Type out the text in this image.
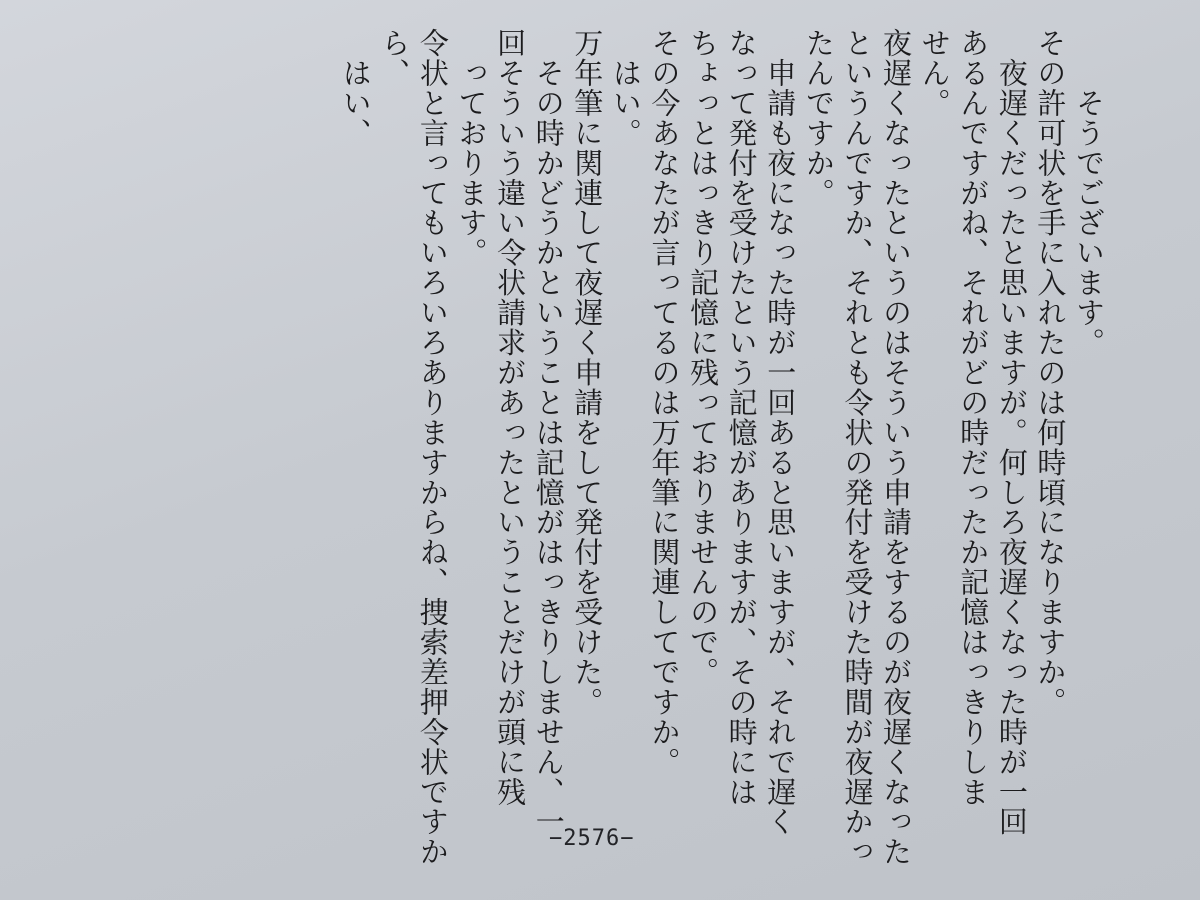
　　そうでございます。
その許可状を手に入れたのは何時頃になりますか。
　夜遅くだったと思いますが。何しろ夜遅くなった時が一回
あるんですがね、それがどの時だったか記憶はっきりしま
せん。
夜遅くなったというのはそういう申請をするのが夜遅くなった
というんですか、それとも令状の発付を受けた時間が夜遅かっ
たんですか。
　申請も夜になった時が一回あると思いますが、それで遅く
なって発付を受けたという記憶がありますが、その時には
ちょっとはっきり記憶に残っておりませんので。
その今あなたが言ってるのは万年筆に関連してですか。
　はい。
万年筆に関連して夜遅く申請をして発付を受けた。
　その時かどうかということは記憶がはっきりしません、一
回そういう違い令状請求があったということだけが頭に残
　っております。
令状と言ってもいろいろありますからね、捜索差押令状ですか
ら、
　はい、
−2576−
